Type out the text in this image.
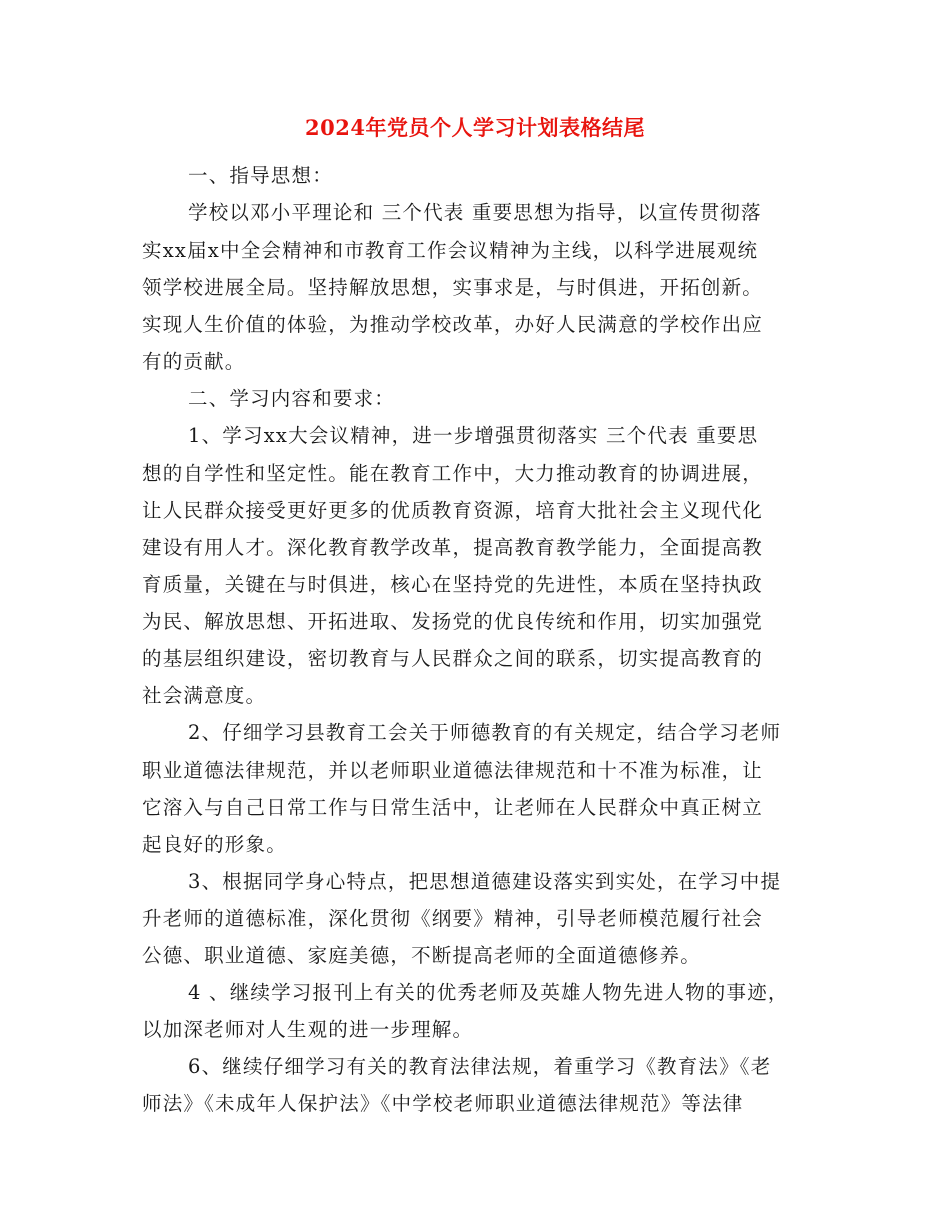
2024年党员个人学习计划表格结尾
一、指导思想：
学校以邓小平理论和 三个代表 重要思想为指导，以宣传贯彻落
实xx届x中全会精神和市教育工作会议精神为主线，以科学进展观统
领学校进展全局。坚持解放思想，实事求是，与时俱进，开拓创新。
实现人生价值的体验，为推动学校改革，办好人民满意的学校作出应
有的贡献。
二、学习内容和要求：
1、学习xx大会议精神，进一步增强贯彻落实 三个代表 重要思
想的自学性和坚定性。能在教育工作中，大力推动教育的协调进展，
让人民群众接受更好更多的优质教育资源，培育大批社会主义现代化
建设有用人才。深化教育教学改革，提高教育教学能力，全面提高教
育质量，关键在与时俱进，核心在坚持党的先进性，本质在坚持执政
为民、解放思想、开拓进取、发扬党的优良传统和作用，切实加强党
的基层组织建设，密切教育与人民群众之间的联系，切实提高教育的
社会满意度。
2、仔细学习县教育工会关于师德教育的有关规定，结合学习老师
职业道德法律规范，并以老师职业道德法律规范和十不准为标准，让
它溶入与自己日常工作与日常生活中，让老师在人民群众中真正树立
起良好的形象。
3、根据同学身心特点，把思想道德建设落实到实处，在学习中提
升老师的道德标准，深化贯彻《纲要》精神，引导老师模范履行社会
公德、职业道德、家庭美德，不断提高老师的全面道德修养。
4 、继续学习报刊上有关的优秀老师及英雄人物先进人物的事迹，
以加深老师对人生观的进一步理解。
6、继续仔细学习有关的教育法律法规，着重学习《教育法》《老
师法》《未成年人保护法》《中学校老师职业道德法律规范》等法律
